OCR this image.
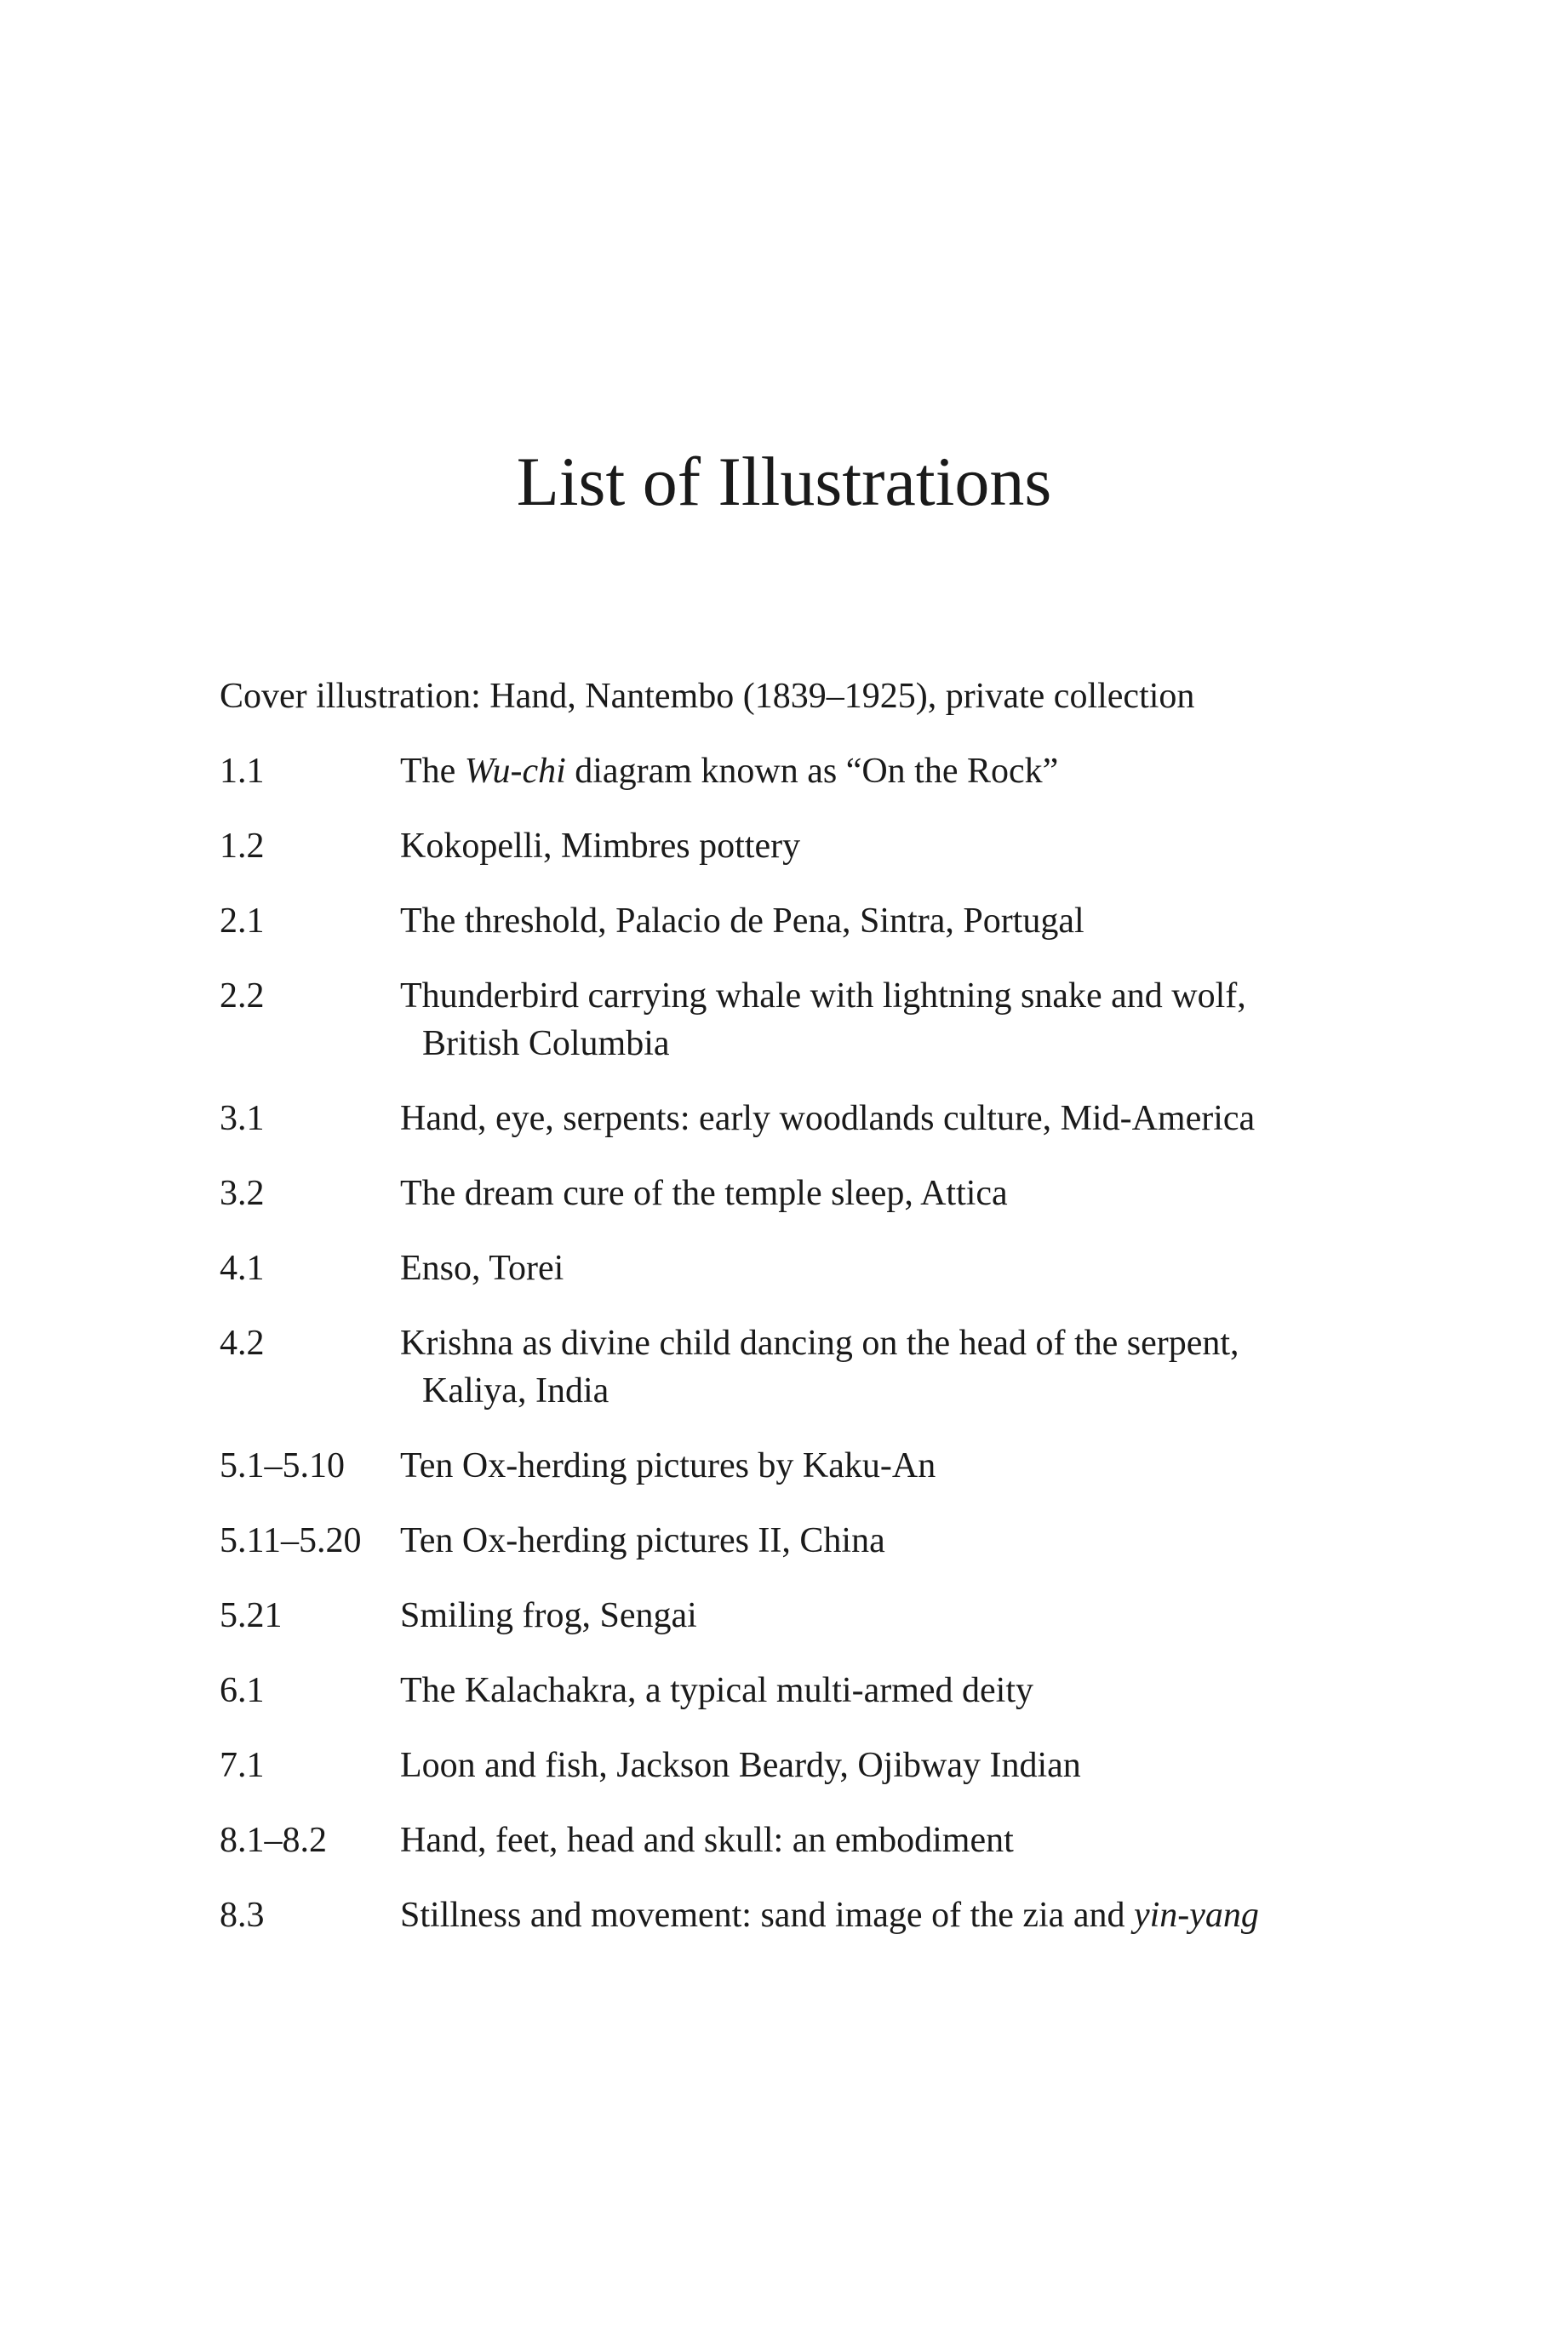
List of Illustrations

Cover illustration: Hand, Nantembo (1839–1925), private collection

1.1	The Wu-chi diagram known as “On the Rock”
1.2	Kokopelli, Mimbres pottery
2.1	The threshold, Palacio de Pena, Sintra, Portugal
2.2	Thunderbird carrying whale with lightning snake and wolf,
British Columbia
3.1	Hand, eye, serpents: early woodlands culture, Mid-America
3.2	The dream cure of the temple sleep, Attica
4.1	Enso, Torei
4.2	Krishna as divine child dancing on the head of the serpent,
Kaliya, India
5.1–5.10	Ten Ox-herding pictures by Kaku-An
5.11–5.20	Ten Ox-herding pictures II, China
5.21	Smiling frog, Sengai
6.1	The Kalachakra, a typical multi-armed deity
7.1	Loon and fish, Jackson Beardy, Ojibway Indian
8.1–8.2	Hand, feet, head and skull: an embodiment
8.3	Stillness and movement: sand image of the zia and yin-yang
